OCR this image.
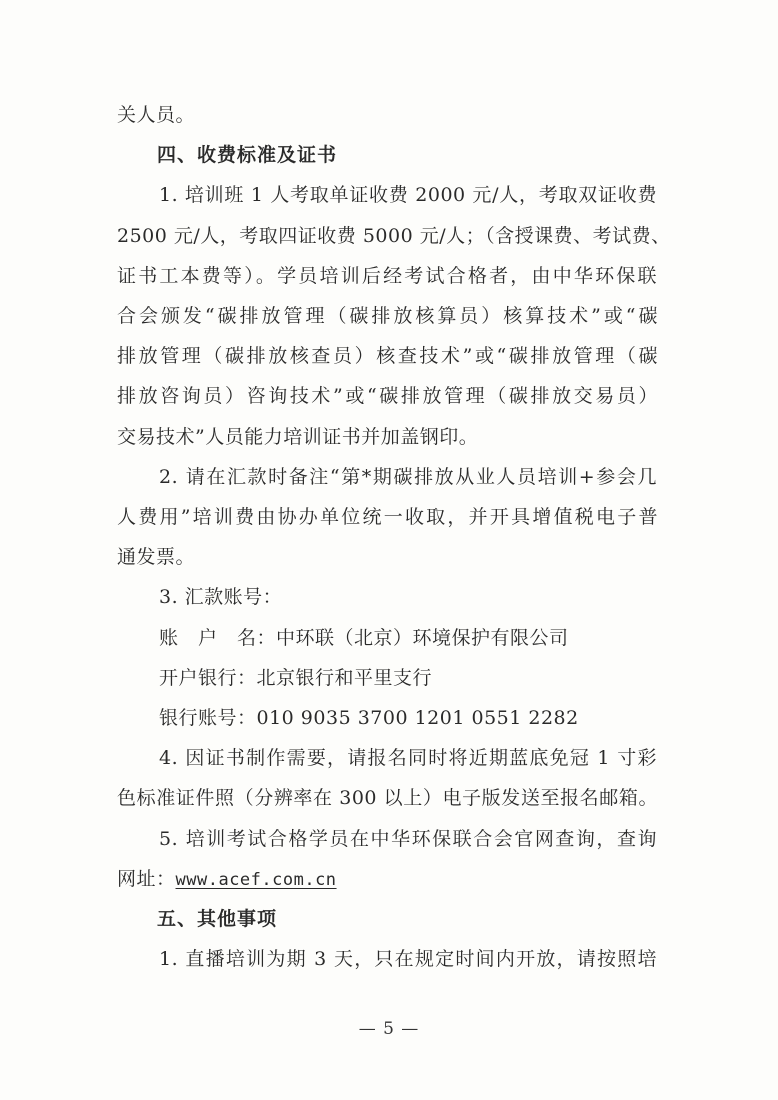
关人员。
四、收费标准及证书
1. 培训班 1 人考取单证收费 2000 元/人，考取双证收费
2500 元/人，考取四证收费 5000 元/人；（含授课费、考试费、
证书工本费等）。学员培训后经考试合格者，由中华环保联
合会颁发“碳排放管理（碳排放核算员）核算技术”或“碳
排放管理（碳排放核查员）核查技术”或“碳排放管理（碳
排放咨询员）咨询技术”或“碳排放管理（碳排放交易员）
交易技术”人员能力培训证书并加盖钢印。
2. 请在汇款时备注“第*期碳排放从业人员培训+参会几
人费用”培训费由协办单位统一收取，并开具增值税电子普
通发票。
3. 汇款账号：
账　户　名：中环联（北京）环境保护有限公司
开户银行：北京银行和平里支行
银行账号：010 9035 3700 1201 0551 2282
4. 因证书制作需要，请报名同时将近期蓝底免冠 1 寸彩
色标准证件照（分辨率在 300 以上）电子版发送至报名邮箱。
5. 培训考试合格学员在中华环保联合会官网查询，查询
网址：www.acef.com.cn
五、其他事项
1. 直播培训为期 3 天，只在规定时间内开放，请按照培
— 5 —
